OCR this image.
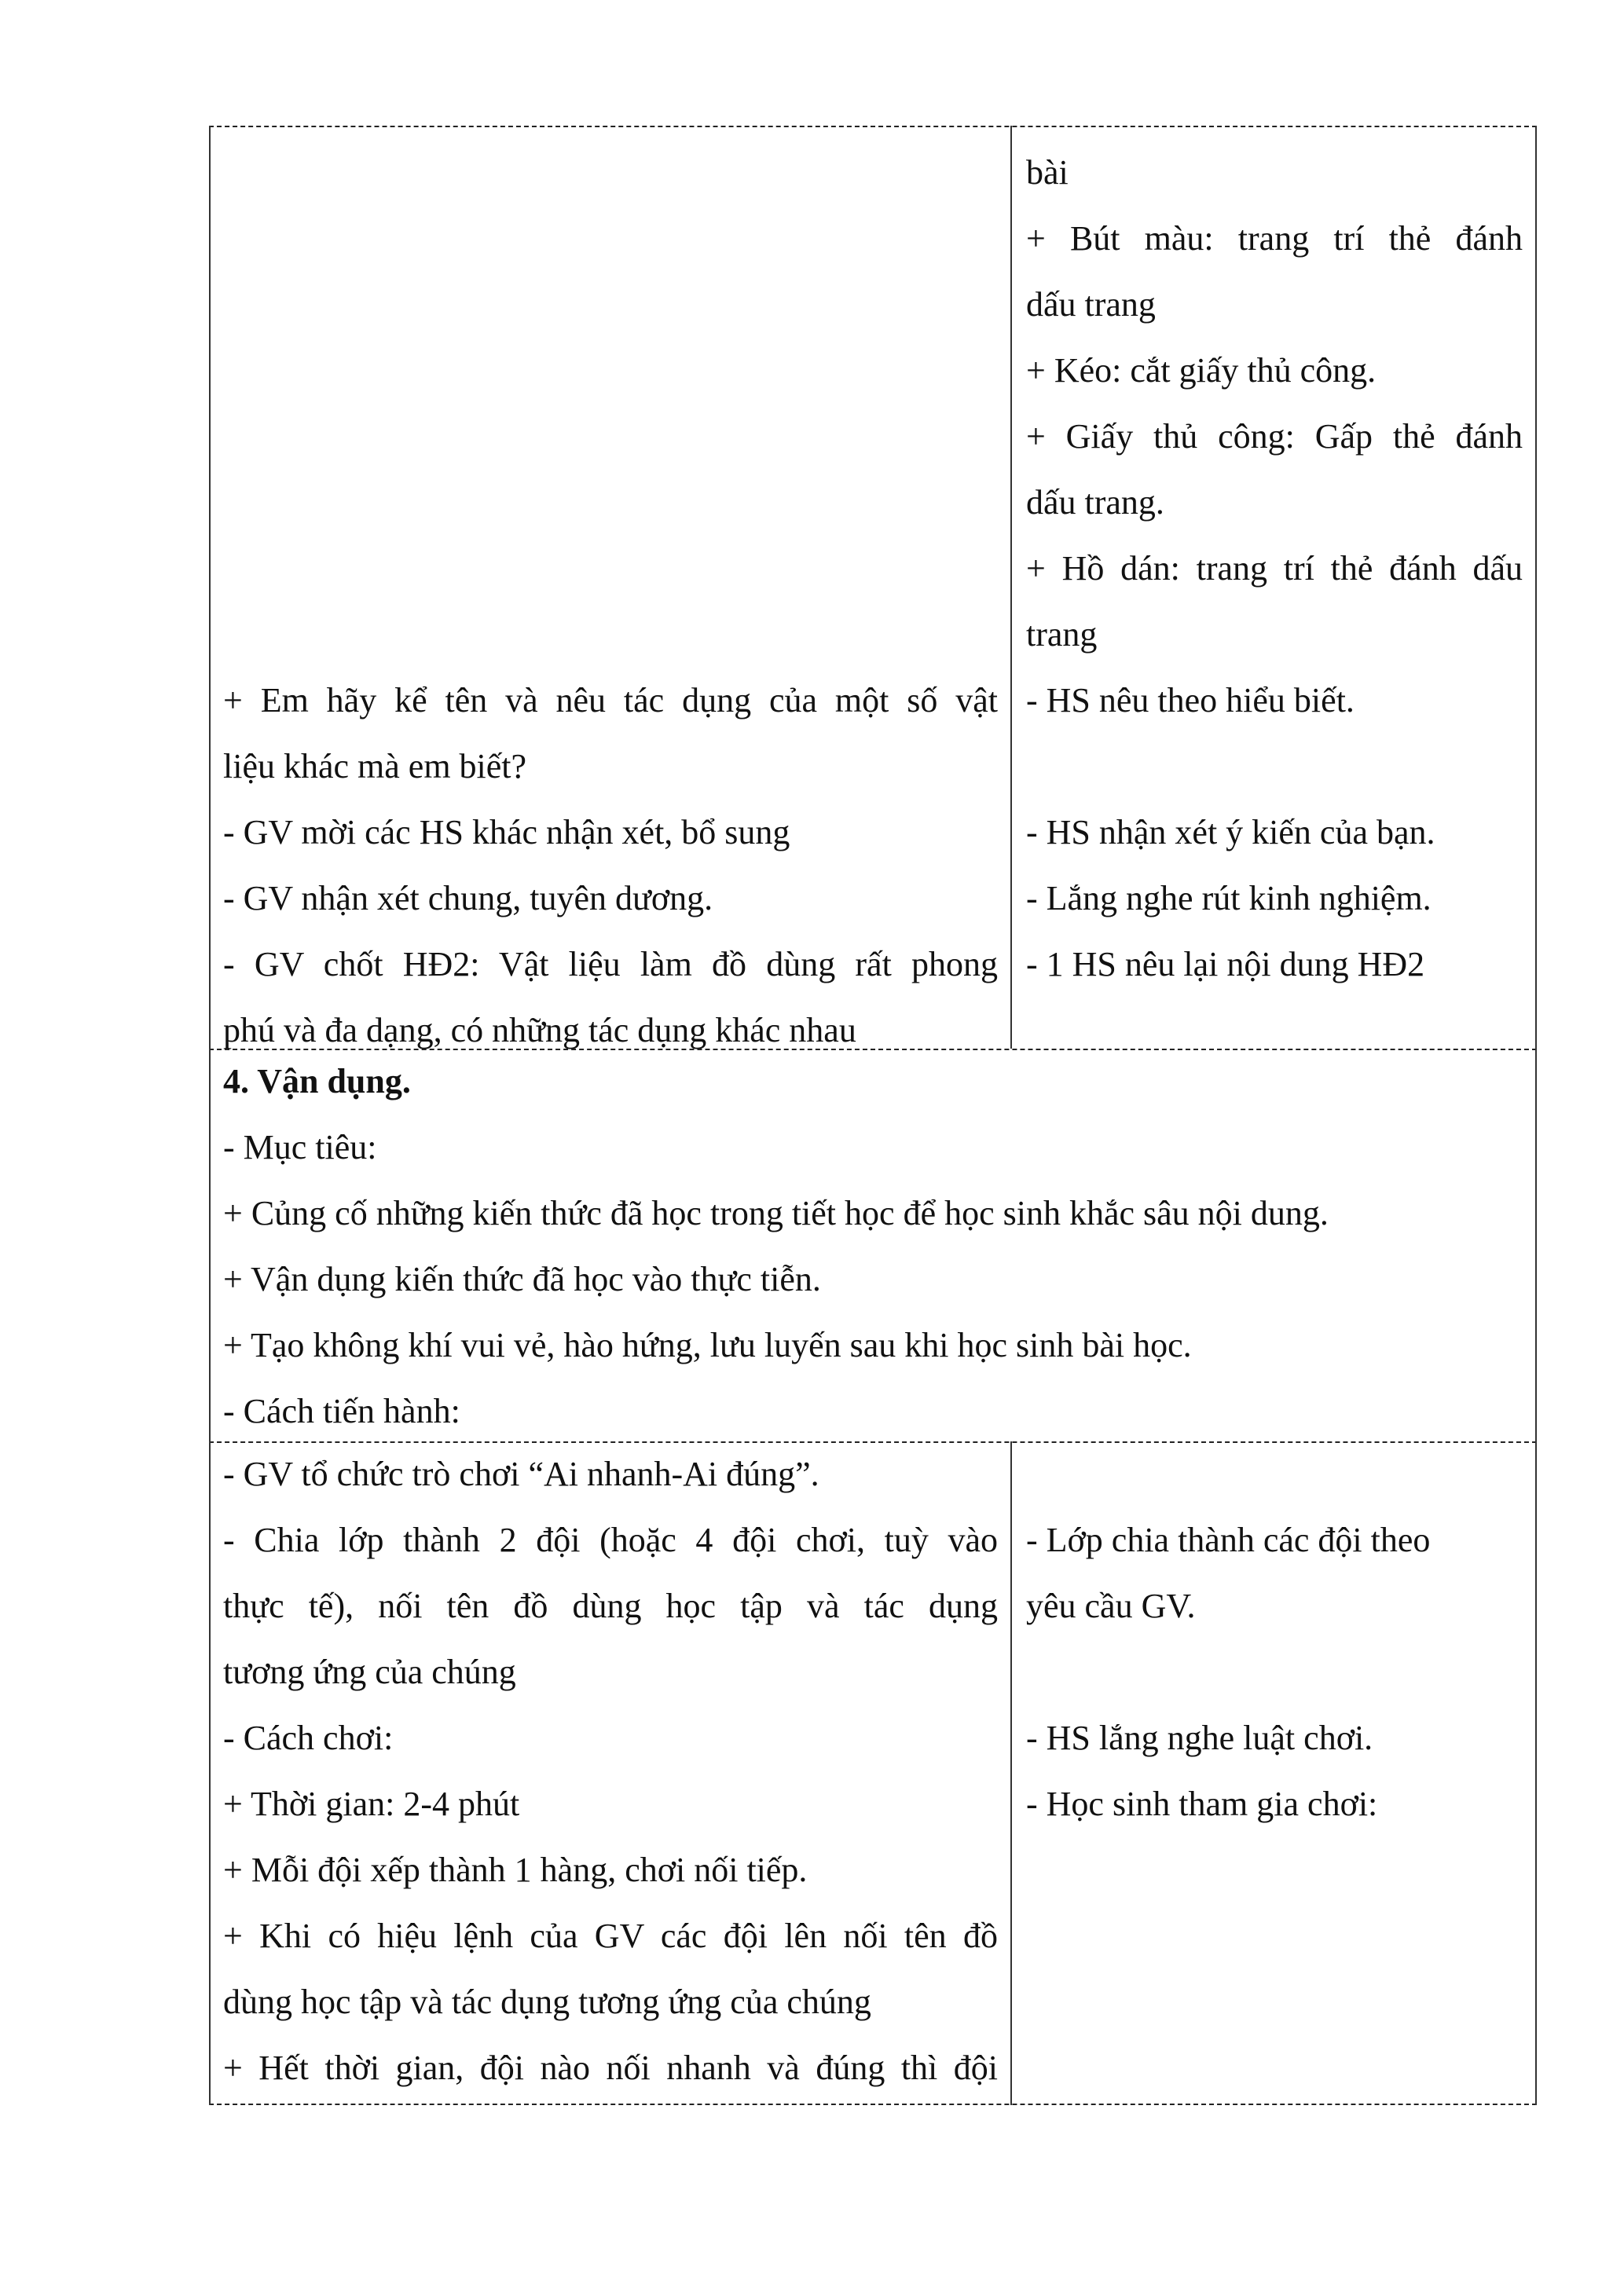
+ Em hãy kể tên và nêu tác dụng của một số vật
liệu khác mà em biết?
- GV mời các HS khác nhận xét, bổ sung
- GV nhận xét chung, tuyên dương.
- GV chốt HĐ2: Vật liệu làm đồ dùng rất phong
phú và đa dạng, có những tác dụng khác nhau
bài
+ Bút màu: trang trí thẻ đánh
dấu trang
+ Kéo: cắt giấy thủ công.
+ Giấy thủ công: Gấp thẻ đánh
dấu trang.
+ Hồ dán: trang trí thẻ đánh dấu
trang
- HS nêu theo hiểu biết.
- HS nhận xét ý kiến của bạn.
- Lắng nghe rút kinh nghiệm.
- 1 HS nêu lại nội dung HĐ2
4. Vận dụng.
- Mục tiêu:
+ Củng cố những kiến thức đã học trong tiết học để học sinh khắc sâu nội dung.
+ Vận dụng kiến thức đã học vào thực tiễn.
+ Tạo không khí vui vẻ, hào hứng, lưu luyến sau khi học sinh bài học.
- Cách tiến hành:
- GV tổ chức trò chơi “Ai nhanh-Ai đúng”.
- Chia lớp thành 2 đội (hoặc 4 đội chơi, tuỳ vào
thực tế), nối tên đồ dùng học tập và tác dụng
tương ứng của chúng
- Cách chơi:
+ Thời gian: 2-4 phút
+ Mỗi đội xếp thành 1 hàng, chơi nối tiếp.
+ Khi có hiệu lệnh của GV các đội lên nối tên đồ
dùng học tập và tác dụng tương ứng của chúng
+ Hết thời gian, đội nào nối nhanh và đúng thì đội
- Lớp chia thành các đội theo
yêu cầu GV.
- HS lắng nghe luật chơi.
- Học sinh tham gia chơi:
